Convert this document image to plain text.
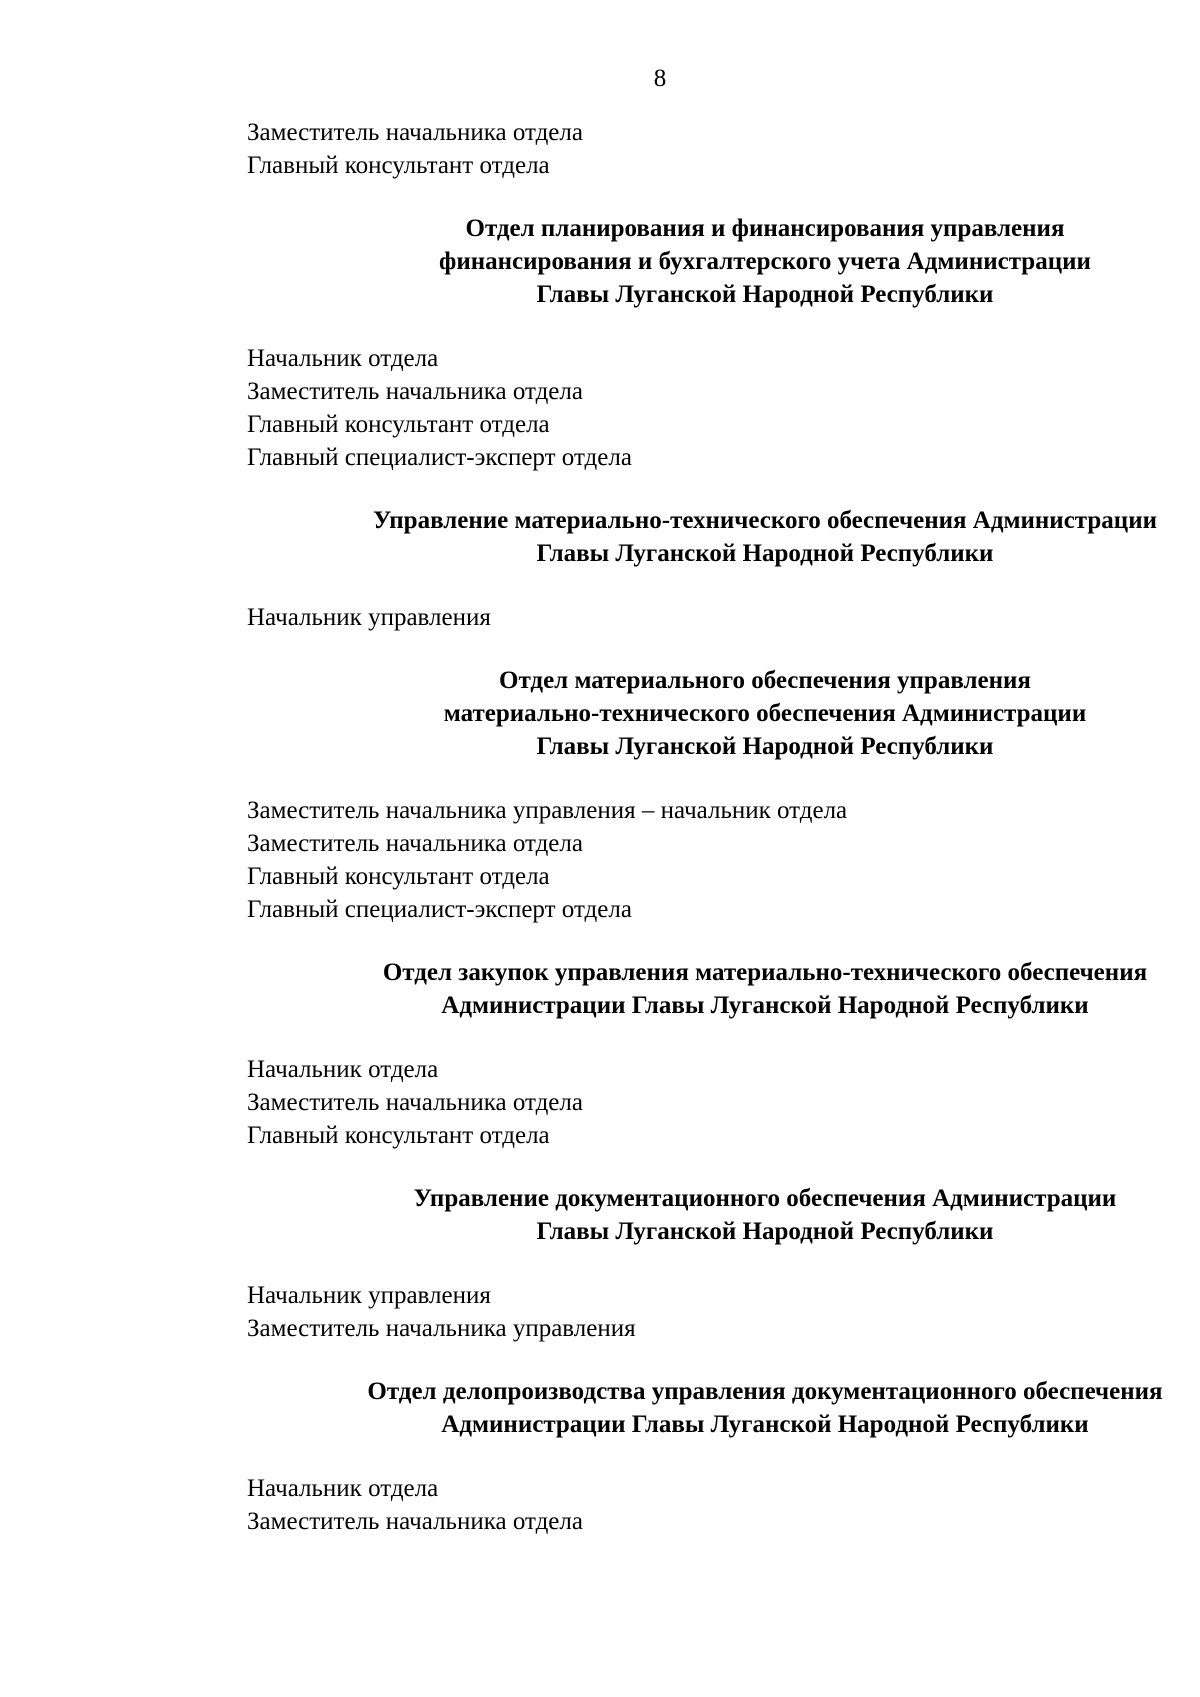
8
Заместитель начальника отдела
Главный консультант отдела
Отдел планирования и финансирования управления
финансирования и бухгалтерского учета Администрации
Главы Луганской Народной Республики
Начальник отдела
Заместитель начальника отдела
Главный консультант отдела
Главный специалист-эксперт отдела
Управление материально-технического обеспечения Администрации
Главы Луганской Народной Республики
Начальник управления
Отдел материального обеспечения управления
материально-технического обеспечения Администрации
Главы Луганской Народной Республики
Заместитель начальника управления – начальник отдела
Заместитель начальника отдела
Главный консультант отдела
Главный специалист-эксперт отдела
Отдел закупок управления материально-технического обеспечения
Администрации Главы Луганской Народной Республики
Начальник отдела
Заместитель начальника отдела
Главный консультант отдела
Управление документационного обеспечения Администрации
Главы Луганской Народной Республики
Начальник управления
Заместитель начальника управления
Отдел делопроизводства управления документационного обеспечения
Администрации Главы Луганской Народной Республики
Начальник отдела
Заместитель начальника отдела
